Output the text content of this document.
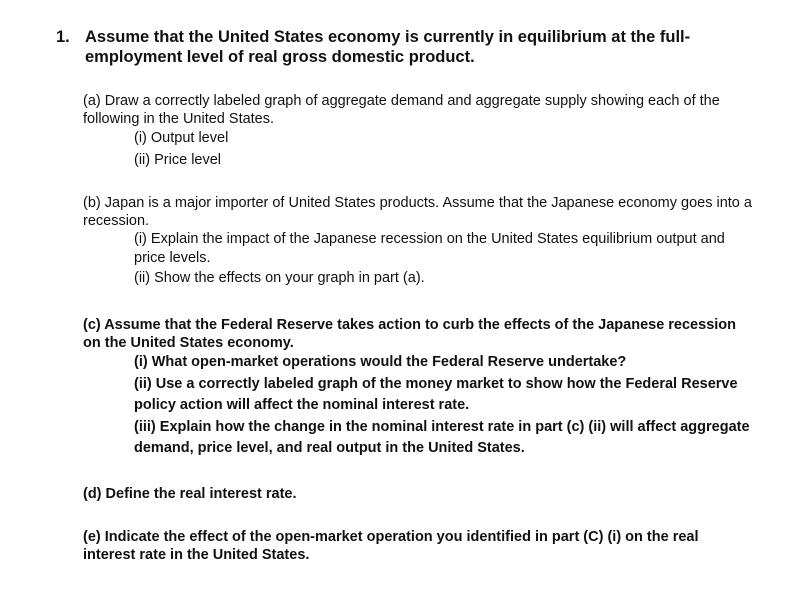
1. Assume that the United States economy is currently in equilibrium at the full-employment level of real gross domestic product.
(a) Draw a correctly labeled graph of aggregate demand and aggregate supply showing each of the following in the United States.
(i) Output level
(ii) Price level
(b) Japan is a major importer of United States products. Assume that the Japanese economy goes into a recession.
(i) Explain the impact of the Japanese recession on the United States equilibrium output and price levels.
(ii) Show the effects on your graph in part (a).
(c) Assume that the Federal Reserve takes action to curb the effects of the Japanese recession on the United States economy.
(i) What open-market operations would the Federal Reserve undertake?
(ii) Use a correctly labeled graph of the money market to show how the Federal Reserve policy action will affect the nominal interest rate.
(iii) Explain how the change in the nominal interest rate in part (c) (ii) will affect aggregate demand, price level, and real output in the United States.
(d) Define the real interest rate.
(e) Indicate the effect of the open-market operation you identified in part (C) (i) on the real interest rate in the United States.
